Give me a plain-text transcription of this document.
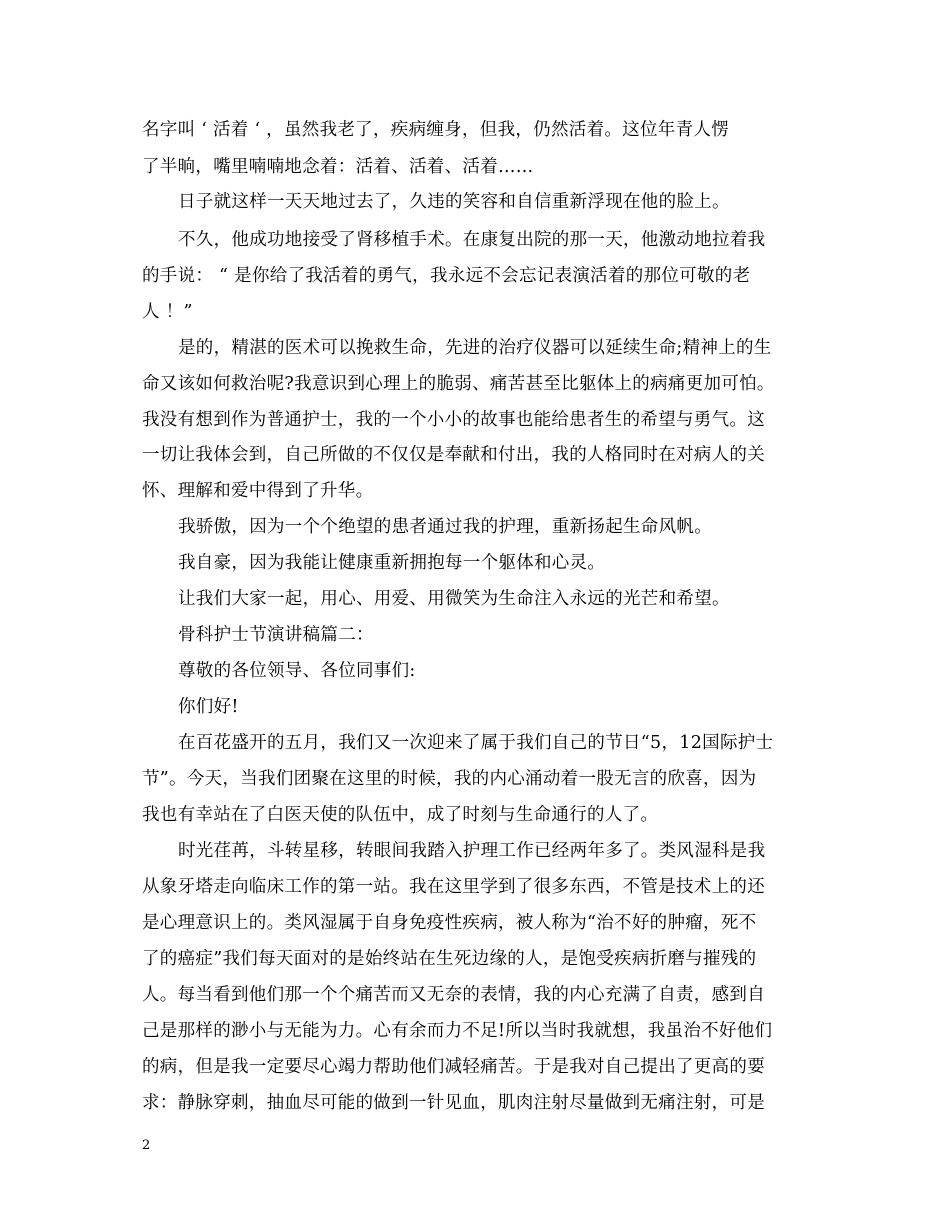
名字叫 ‘ 活着 ‘ ，虽然我老了，疾病缠身，但我，仍然活着。这位年青人愣
了半晌，嘴里喃喃地念着：活着、活着、活着……
日子就这样一天天地过去了，久违的笑容和自信重新浮现在他的脸上。
不久，他成功地接受了肾移植手术。在康复出院的那一天，他激动地拉着我
的手说： “ 是你给了我活着的勇气，我永远不会忘记表演活着的那位可敬的老
人 ！”
是的，精湛的医术可以挽救生命，先进的治疗仪器可以延续生命;精神上的生
命又该如何救治呢?我意识到心理上的脆弱、痛苦甚至比躯体上的病痛更加可怕。
我没有想到作为普通护士，我的一个小小的故事也能给患者生的希望与勇气。这
一切让我体会到，自己所做的不仅仅是奉献和付出，我的人格同时在对病人的关
怀、理解和爱中得到了升华。
我骄傲，因为一个个绝望的患者通过我的护理，重新扬起生命风帆。
我自豪，因为我能让健康重新拥抱每一个躯体和心灵。
让我们大家一起，用心、用爱、用微笑为生命注入永远的光芒和希望。
骨科护士节演讲稿篇二：
尊敬的各位领导、各位同事们:
你们好!
在百花盛开的五月，我们又一次迎来了属于我们自己的节日“5，12国际护士
节”。今天，当我们团聚在这里的时候，我的内心涌动着一股无言的欣喜，因为
我也有幸站在了白医天使的队伍中，成了时刻与生命通行的人了。
时光荏苒，斗转星移，转眼间我踏入护理工作已经两年多了。类风湿科是我
从象牙塔走向临床工作的第一站。我在这里学到了很多东西，不管是技术上的还
是心理意识上的。类风湿属于自身免疫性疾病，被人称为“治不好的肿瘤，死不
了的癌症”我们每天面对的是始终站在生死边缘的人，是饱受疾病折磨与摧残的
人。每当看到他们那一个个痛苦而又无奈的表情，我的内心充满了自责，感到自
己是那样的渺小与无能为力。心有余而力不足!所以当时我就想，我虽治不好他们
的病，但是我一定要尽心竭力帮助他们减轻痛苦。于是我对自己提出了更高的要
求：静脉穿刺，抽血尽可能的做到一针见血，肌肉注射尽量做到无痛注射，可是
2
